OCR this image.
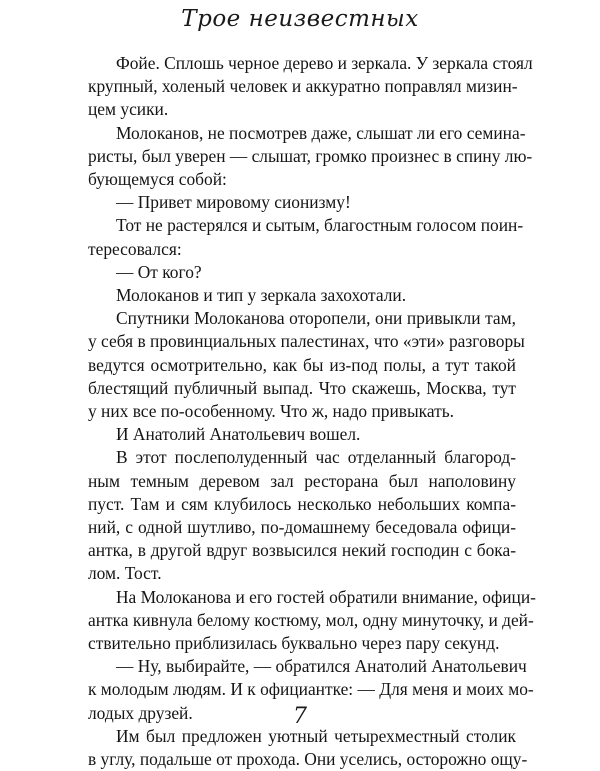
Трое неизвестных

Фойе. Сплошь черное дерево и зеркала. У зеркала стоял
крупный, холеный человек и аккуратно поправлял мизин-
цем усики.

Молоканов, не посмотрев даже, слышат ли его семина-
ристы, был уверен — слышат, громко произнес в спину лю-
бующемуся собой:

— Привет мировому сионизму!

Тот не растерялся и сытым, благостным голосом поин-
тересовался:

— От кого?

Молоканов и тип у зеркала захохотали.

Спутники Молоканова оторопели, они привыкли там,
у себя в провинциальных палестинах, что «эти» разговоры
ведутся осмотрительно, как бы из-под полы, а тут такой
блестящий публичный выпад. Что скажешь, Москва, тут
у них все по-особенному. Что ж, надо привыкать.

И Анатолий Анатольевич вошел.

В этот послеполуденный час отделанный благород-
ным темным деревом зал ресторана был наполовину
пуст. Там и сям клубилось несколько небольших компа-
ний, с одной шутливо, по-домашнему беседовала офици-
антка, в другой вдруг возвысился некий господин с бока-
лом. Тост.

На Молоканова и его гостей обратили внимание, офици-
антка кивнула белому костюму, мол, одну минуточку, и дей-
ствительно приблизилась буквально через пару секунд.

— Ну, выбирайте, — обратился Анатолий Анатольевич
к молодым людям. И к официантке: — Для меня и моих мо-
лодых друзей.

Им был предложен уютный четырехместный столик
в углу, подальше от прохода. Они уселись, осторожно ощу-

7
